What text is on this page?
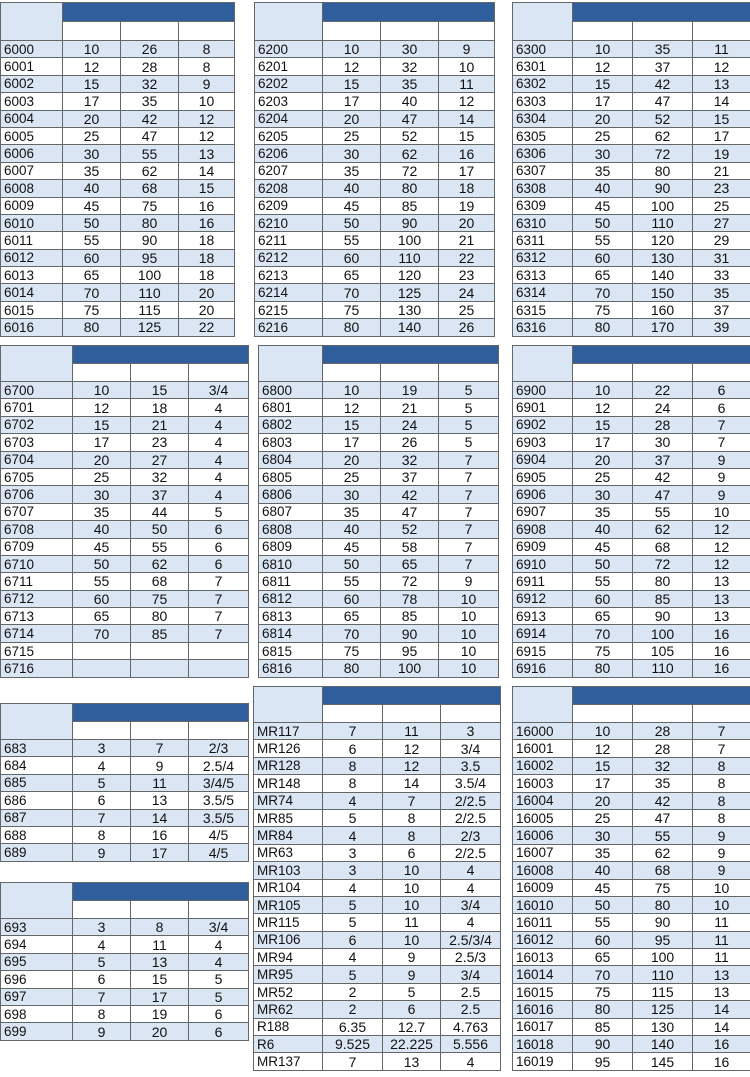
6000	10	26	8
6001	12	28	8
6002	15	32	9
6003	17	35	10
6004	20	42	12
6005	25	47	12
6006	30	55	13
6007	35	62	14
6008	40	68	15
6009	45	75	16
6010	50	80	16
6011	55	90	18
6012	60	95	18
6013	65	100	18
6014	70	110	20
6015	75	115	20
6016	80	125	22
6200	10	30	9
6201	12	32	10
6202	15	35	11
6203	17	40	12
6204	20	47	14
6205	25	52	15
6206	30	62	16
6207	35	72	17
6208	40	80	18
6209	45	85	19
6210	50	90	20
6211	55	100	21
6212	60	110	22
6213	65	120	23
6214	70	125	24
6215	75	130	25
6216	80	140	26
6300	10	35	11
6301	12	37	12
6302	15	42	13
6303	17	47	14
6304	20	52	15
6305	25	62	17
6306	30	72	19
6307	35	80	21
6308	40	90	23
6309	45	100	25
6310	50	110	27
6311	55	120	29
6312	60	130	31
6313	65	140	33
6314	70	150	35
6315	75	160	37
6316	80	170	39
6700	10	15	3/4
6701	12	18	4
6702	15	21	4
6703	17	23	4
6704	20	27	4
6705	25	32	4
6706	30	37	4
6707	35	44	5
6708	40	50	6
6709	45	55	6
6710	50	62	6
6711	55	68	7
6712	60	75	7
6713	65	80	7
6714	70	85	7
6715
6716
6800	10	19	5
6801	12	21	5
6802	15	24	5
6803	17	26	5
6804	20	32	7
6805	25	37	7
6806	30	42	7
6807	35	47	7
6808	40	52	7
6809	45	58	7
6810	50	65	7
6811	55	72	9
6812	60	78	10
6813	65	85	10
6814	70	90	10
6815	75	95	10
6816	80	100	10
6900	10	22	6
6901	12	24	6
6902	15	28	7
6903	17	30	7
6904	20	37	9
6905	25	42	9
6906	30	47	9
6907	35	55	10
6908	40	62	12
6909	45	68	12
6910	50	72	12
6911	55	80	13
6912	60	85	13
6913	65	90	13
6914	70	100	16
6915	75	105	16
6916	80	110	16
683	3	7	2/3
684	4	9	2.5/4
685	5	11	3/4/5
686	6	13	3.5/5
687	7	14	3.5/5
688	8	16	4/5
689	9	17	4/5
693	3	8	3/4
694	4	11	4
695	5	13	4
696	6	15	5
697	7	17	5
698	8	19	6
699	9	20	6
MR117	7	11	3
MR126	6	12	3/4
MR128	8	12	3.5
MR148	8	14	3.5/4
MR74	4	7	2/2.5
MR85	5	8	2/2.5
MR84	4	8	2/3
MR63	3	6	2/2.5
MR103	3	10	4
MR104	4	10	4
MR105	5	10	3/4
MR115	5	11	4
MR106	6	10	2.5/3/4
MR94	4	9	2.5/3
MR95	5	9	3/4
MR52	2	5	2.5
MR62	2	6	2.5
R188	6.35	12.7	4.763
R6	9.525	22.225	5.556
MR137	7	13	4
16000	10	28	7
16001	12	28	7
16002	15	32	8
16003	17	35	8
16004	20	42	8
16005	25	47	8
16006	30	55	9
16007	35	62	9
16008	40	68	9
16009	45	75	10
16010	50	80	10
16011	55	90	11
16012	60	95	11
16013	65	100	11
16014	70	110	13
16015	75	115	13
16016	80	125	14
16017	85	130	14
16018	90	140	16
16019	95	145	16
